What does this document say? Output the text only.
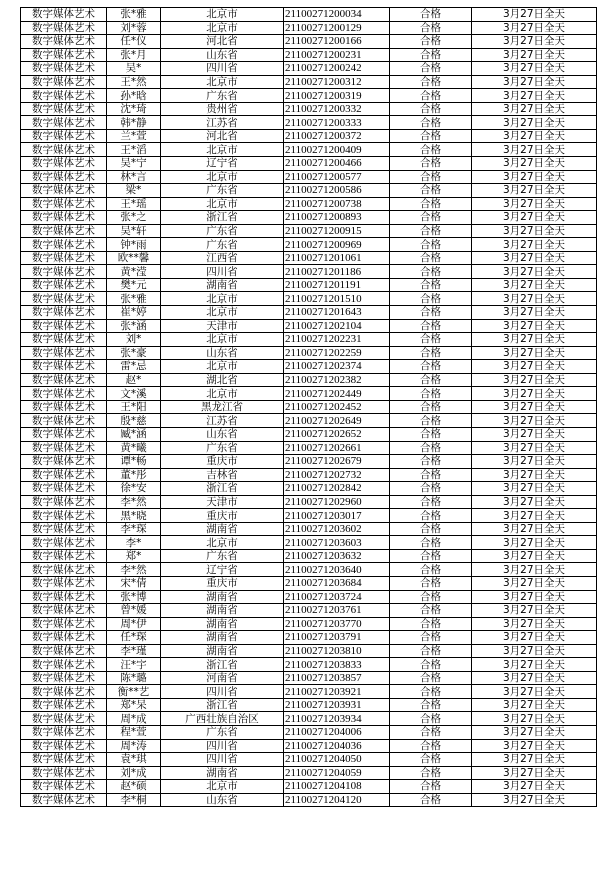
数字媒体艺术	张*雅	北京市	21100271200034	合格	3月27日全天
数字媒体艺术	刘*蓉	北京市	21100271200129	合格	3月27日全天
数字媒体艺术	任*仪	河北省	21100271200166	合格	3月27日全天
数字媒体艺术	张*月	山东省	21100271200231	合格	3月27日全天
数字媒体艺术	吴*	四川省	21100271200242	合格	3月27日全天
数字媒体艺术	王*然	北京市	21100271200312	合格	3月27日全天
数字媒体艺术	孙*晗	广东省	21100271200319	合格	3月27日全天
数字媒体艺术	沈*琦	贵州省	21100271200332	合格	3月27日全天
数字媒体艺术	韩*静	江苏省	21100271200333	合格	3月27日全天
数字媒体艺术	兰*萱	河北省	21100271200372	合格	3月27日全天
数字媒体艺术	王*滔	北京市	21100271200409	合格	3月27日全天
数字媒体艺术	吴*宁	辽宁省	21100271200466	合格	3月27日全天
数字媒体艺术	林*言	北京市	21100271200577	合格	3月27日全天
数字媒体艺术	梁*	广东省	21100271200586	合格	3月27日全天
数字媒体艺术	王*瑶	北京市	21100271200738	合格	3月27日全天
数字媒体艺术	张*之	浙江省	21100271200893	合格	3月27日全天
数字媒体艺术	吴*轩	广东省	21100271200915	合格	3月27日全天
数字媒体艺术	钟*雨	广东省	21100271200969	合格	3月27日全天
数字媒体艺术	欧**馨	江西省	21100271201061	合格	3月27日全天
数字媒体艺术	黄*滢	四川省	21100271201186	合格	3月27日全天
数字媒体艺术	樊*元	湖南省	21100271201191	合格	3月27日全天
数字媒体艺术	张*雅	北京市	21100271201510	合格	3月27日全天
数字媒体艺术	崔*婷	北京市	21100271201643	合格	3月27日全天
数字媒体艺术	张*涵	天津市	21100271202104	合格	3月27日全天
数字媒体艺术	刘*	北京市	21100271202231	合格	3月27日全天
数字媒体艺术	张*豪	山东省	21100271202259	合格	3月27日全天
数字媒体艺术	雷*忌	北京市	21100271202374	合格	3月27日全天
数字媒体艺术	赵*	湖北省	21100271202382	合格	3月27日全天
数字媒体艺术	文*溪	北京市	21100271202449	合格	3月27日全天
数字媒体艺术	王*阳	黑龙江省	21100271202452	合格	3月27日全天
数字媒体艺术	殷*慈	江苏省	21100271202649	合格	3月27日全天
数字媒体艺术	臧*涵	山东省	21100271202652	合格	3月27日全天
数字媒体艺术	黄*曦	广东省	21100271202661	合格	3月27日全天
数字媒体艺术	谭*畅	重庆市	21100271202679	合格	3月27日全天
数字媒体艺术	董*彤	吉林省	21100271202732	合格	3月27日全天
数字媒体艺术	徐*安	浙江省	21100271202842	合格	3月27日全天
数字媒体艺术	李*然	天津市	21100271202960	合格	3月27日全天
数字媒体艺术	黑*晓	重庆市	21100271203017	合格	3月27日全天
数字媒体艺术	李*琛	湖南省	21100271203602	合格	3月27日全天
数字媒体艺术	李*	北京市	21100271203603	合格	3月27日全天
数字媒体艺术	郑*	广东省	21100271203632	合格	3月27日全天
数字媒体艺术	李*然	辽宁省	21100271203640	合格	3月27日全天
数字媒体艺术	宋*倩	重庆市	21100271203684	合格	3月27日全天
数字媒体艺术	张*博	湖南省	21100271203724	合格	3月27日全天
数字媒体艺术	曾*媛	湖南省	21100271203761	合格	3月27日全天
数字媒体艺术	周*伊	湖南省	21100271203770	合格	3月27日全天
数字媒体艺术	任*琛	湖南省	21100271203791	合格	3月27日全天
数字媒体艺术	李*瑾	湖南省	21100271203810	合格	3月27日全天
数字媒体艺术	汪*宇	浙江省	21100271203833	合格	3月27日全天
数字媒体艺术	陈*璐	河南省	21100271203857	合格	3月27日全天
数字媒体艺术	衡**艺	四川省	21100271203921	合格	3月27日全天
数字媒体艺术	郑*呆	浙江省	21100271203931	合格	3月27日全天
数字媒体艺术	周*成	广西壮族自治区	21100271203934	合格	3月27日全天
数字媒体艺术	程*萱	广东省	21100271204006	合格	3月27日全天
数字媒体艺术	周*涛	四川省	21100271204036	合格	3月27日全天
数字媒体艺术	袁*琪	四川省	21100271204050	合格	3月27日全天
数字媒体艺术	刘*成	湖南省	21100271204059	合格	3月27日全天
数字媒体艺术	赵*硕	北京市	21100271204108	合格	3月27日全天
数字媒体艺术	李*桐	山东省	21100271204120	合格	3月27日全天
